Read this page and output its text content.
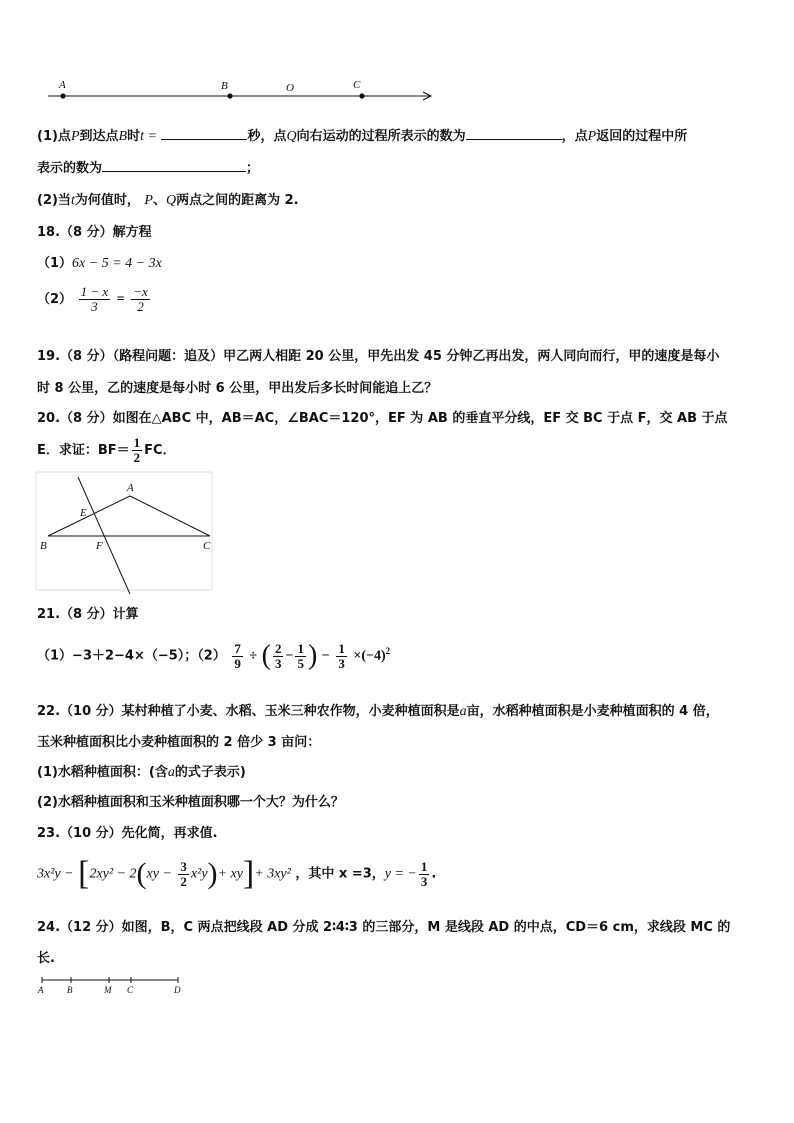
A	B	O	C
(1)点P到达点B时t =	秒，点Q向右运动的过程所表示的数为	，点P返回的过程中所
表示的数为	；
(2)当t为何值时， P、Q两点之间的距离为 2.
18.（8 分）解方程
（1）6x − 5 = 4 − 3x
$(2) \frac{1 - x}{3} = \frac{-x}{2}$
19.（8 分）（路程问题：追及）甲乙两人相距 20 公里，甲先出发 45 分钟乙再出发，两人同向而行，甲的速度是每小
时 8 公里，乙的速度是每小时 6 公里，甲出发后多长时间能追上乙？
20.（8 分）如图在△ABC 中，AB＝AC，∠BAC＝120°，EF 为 AB 的垂直平分线，EF 交 BC 于点 F，交 AB 于点
E．求证：$BF= \frac{1}{2}$ FC．
A
E
B	F	C
21.（8 分）计算
（1）−3＋2−4×（−5）；$(2) \frac{7}{9}$ ÷ ( $\frac{2}{3} - \frac{1}{5}$ ) − $\frac{1}{3} \times(-4)^2$
22.（10 分）某村种植了小麦、水稻、玉米三种农作物，小麦种植面积是a亩，水稻种植面积是小麦种植面积的 4 倍，
玉米种植面积比小麦种植面积的 2 倍少 3 亩问：
(1)水稻种植面积：(含a的式子表示)
(2)水稻种植面积和玉米种植面积哪一个大？为什么？
23.（10 分）先化简，再求值.
$3x^2y - [2xy^2 - 2(xy - \frac{3}{2} x^2y)+ xy]+ 3xy^2$ ，其中 x =3，y = − $\frac{1}{3}$ .
24.（12 分）如图，B，C 两点把线段 AD 分成 2∶4∶3 的三部分，M 是线段 AD 的中点，CD＝6 cm，求线段 MC 的
长.
A	B	M C	D
